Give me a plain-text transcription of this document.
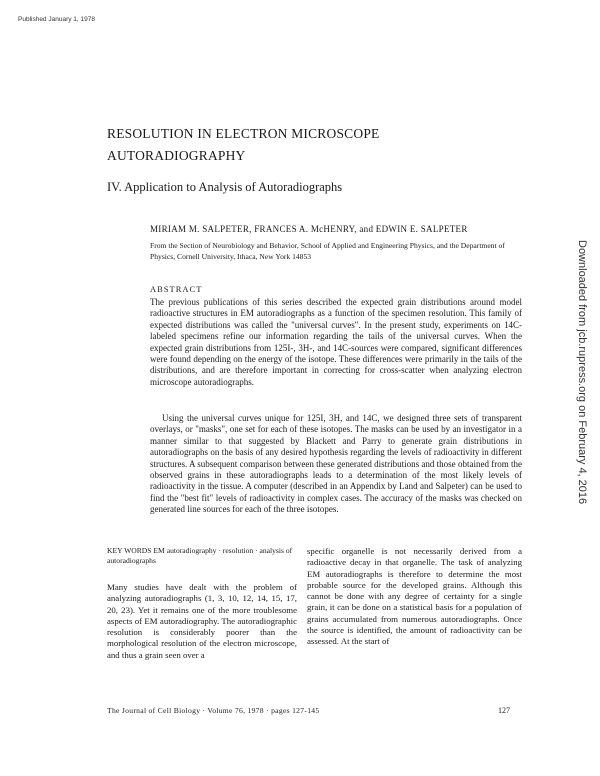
Published January 1, 1978
RESOLUTION IN ELECTRON MICROSCOPE
AUTORADIOGRAPHY
IV. Application to Analysis of Autoradiographs
MIRIAM M. SALPETER, FRANCES A. McHENRY, and EDWIN E. SALPETER
From the Section of Neurobiology and Behavior, School of Applied and Engineering Physics, and the Department of Physics, Cornell University, Ithaca, New York 14853
ABSTRACT

The previous publications of this series described the expected grain distributions around model radioactive structures in EM autoradiographs as a function of the specimen resolution. This family of expected distributions was called the "universal curves". In the present study, experiments on 14C-labeled specimens refine our information regarding the tails of the universal curves. When the expected grain distributions from 125I-, 3H-, and 14C-sources were compared, significant differences were found depending on the energy of the isotope. These differences were primarily in the tails of the distributions, and are therefore important in correcting for cross-scatter when analyzing electron microscope autoradiographs.

Using the universal curves unique for 125I, 3H, and 14C, we designed three sets of transparent overlays, or "masks", one set for each of these isotopes. The masks can be used by an investigator in a manner similar to that suggested by Blackett and Parry to generate grain distributions in autoradiographs on the basis of any desired hypothesis regarding the levels of radioactivity in different structures. A subsequent comparison between these generated distributions and those obtained from the observed grains in these autoradiographs leads to a determination of the most likely levels of radioactivity in the tissue. A computer (described in an Appendix by Land and Salpeter) can be used to find the "best fit" levels of radioactivity in complex cases. The accuracy of the masks was checked on generated line sources for each of the three isotopes.

KEY WORDS EM autoradiography · resolution · analysis of autoradiographs

Many studies have dealt with the problem of analyzing autoradiographs (1, 3, 10, 12, 14, 15, 17, 20, 23). Yet it remains one of the more troublesome aspects of EM autoradiography. The autoradiographic resolution is considerably poorer than the morphological resolution of the electron microscope, and thus a grain seen over a

specific organelle is not necessarily derived from a radioactive decay in that organelle. The task of analyzing EM autoradiographs is therefore to determine the most probable source for the developed grains. Although this cannot be done with any degree of certainty for a single grain, it can be done on a statistical basis for a population of grains accumulated from numerous autoradiographs. Once the source is identified, the amount of radioactivity can be assessed. At the start of

The Journal of Cell Biology · Volume 76, 1978 · pages 127-145	127
Downloaded from jcb.rupress.org on February 4, 2016
